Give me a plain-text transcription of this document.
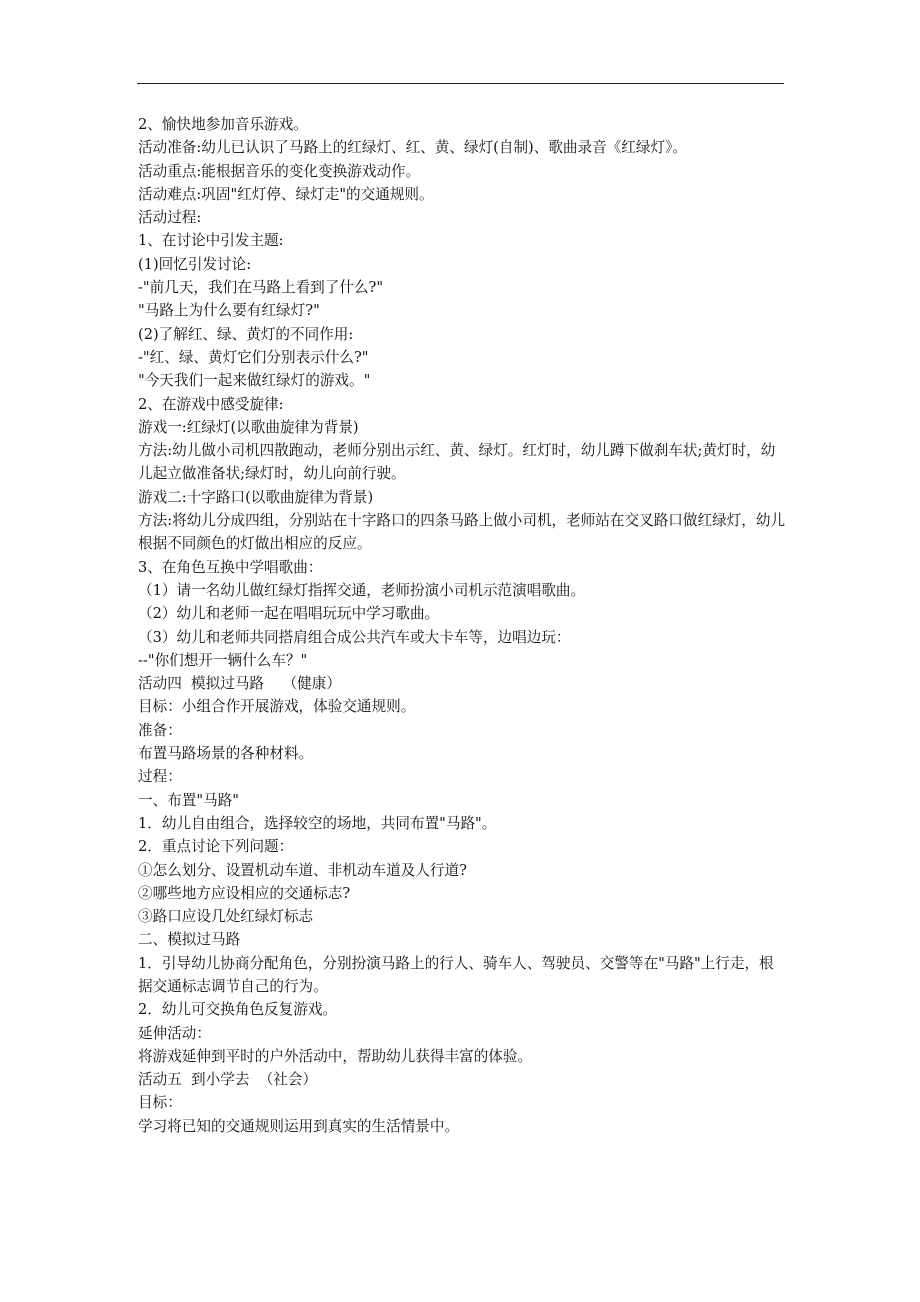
2、愉快地参加音乐游戏。
活动准备:幼儿已认识了马路上的红绿灯、红、黄、绿灯(自制)、歌曲录音《红绿灯》。
活动重点:能根据音乐的变化变换游戏动作。
活动难点:巩固"红灯停、绿灯走"的交通规则。
活动过程:
1、在讨论中引发主题:
(1)回忆引发讨论:
-"前几天，我们在马路上看到了什么?"
"马路上为什么要有红绿灯?"
(2)了解红、绿、黄灯的不同作用:
-"红、绿、黄灯它们分别表示什么?"
"今天我们一起来做红绿灯的游戏。"
2、在游戏中感受旋律:
游戏一:红绿灯(以歌曲旋律为背景)
方法:幼儿做小司机四散跑动，老师分别出示红、黄、绿灯。红灯时，幼儿蹲下做刹车状;黄灯时，幼儿起立做准备状;绿灯时，幼儿向前行驶。
游戏二:十字路口(以歌曲旋律为背景)
方法:将幼儿分成四组，分别站在十字路口的四条马路上做小司机，老师站在交叉路口做红绿灯，幼儿根据不同颜色的灯做出相应的反应。
3、在角色互换中学唱歌曲：
（1）请一名幼儿做红绿灯指挥交通，老师扮演小司机示范演唱歌曲。
（2）幼儿和老师一起在唱唱玩玩中学习歌曲。
（3）幼儿和老师共同搭肩组合成公共汽车或大卡车等，边唱边玩：
--"你们想开一辆什么车？"
活动四  模拟过马路    （健康）
目标：小组合作开展游戏，体验交通规则。
准备：
布置马路场景的各种材料。
过程：
一、布置"马路"
1．幼儿自由组合，选择较空的场地，共同布置"马路"。
2．重点讨论下列问题：
①怎么划分、设置机动车道、非机动车道及人行道?
②哪些地方应设相应的交通标志?
③路口应设几处红绿灯标志
二、模拟过马路
1．引导幼儿协商分配角色，分别扮演马路上的行人、骑车人、驾驶员、交警等在"马路"上行走，根据交通标志调节自己的行为。
2．幼儿可交换角色反复游戏。
延伸活动：
将游戏延伸到平时的户外活动中，帮助幼儿获得丰富的体验。
活动五  到小学去  （社会）
目标：
学习将已知的交通规则运用到真实的生活情景中。
